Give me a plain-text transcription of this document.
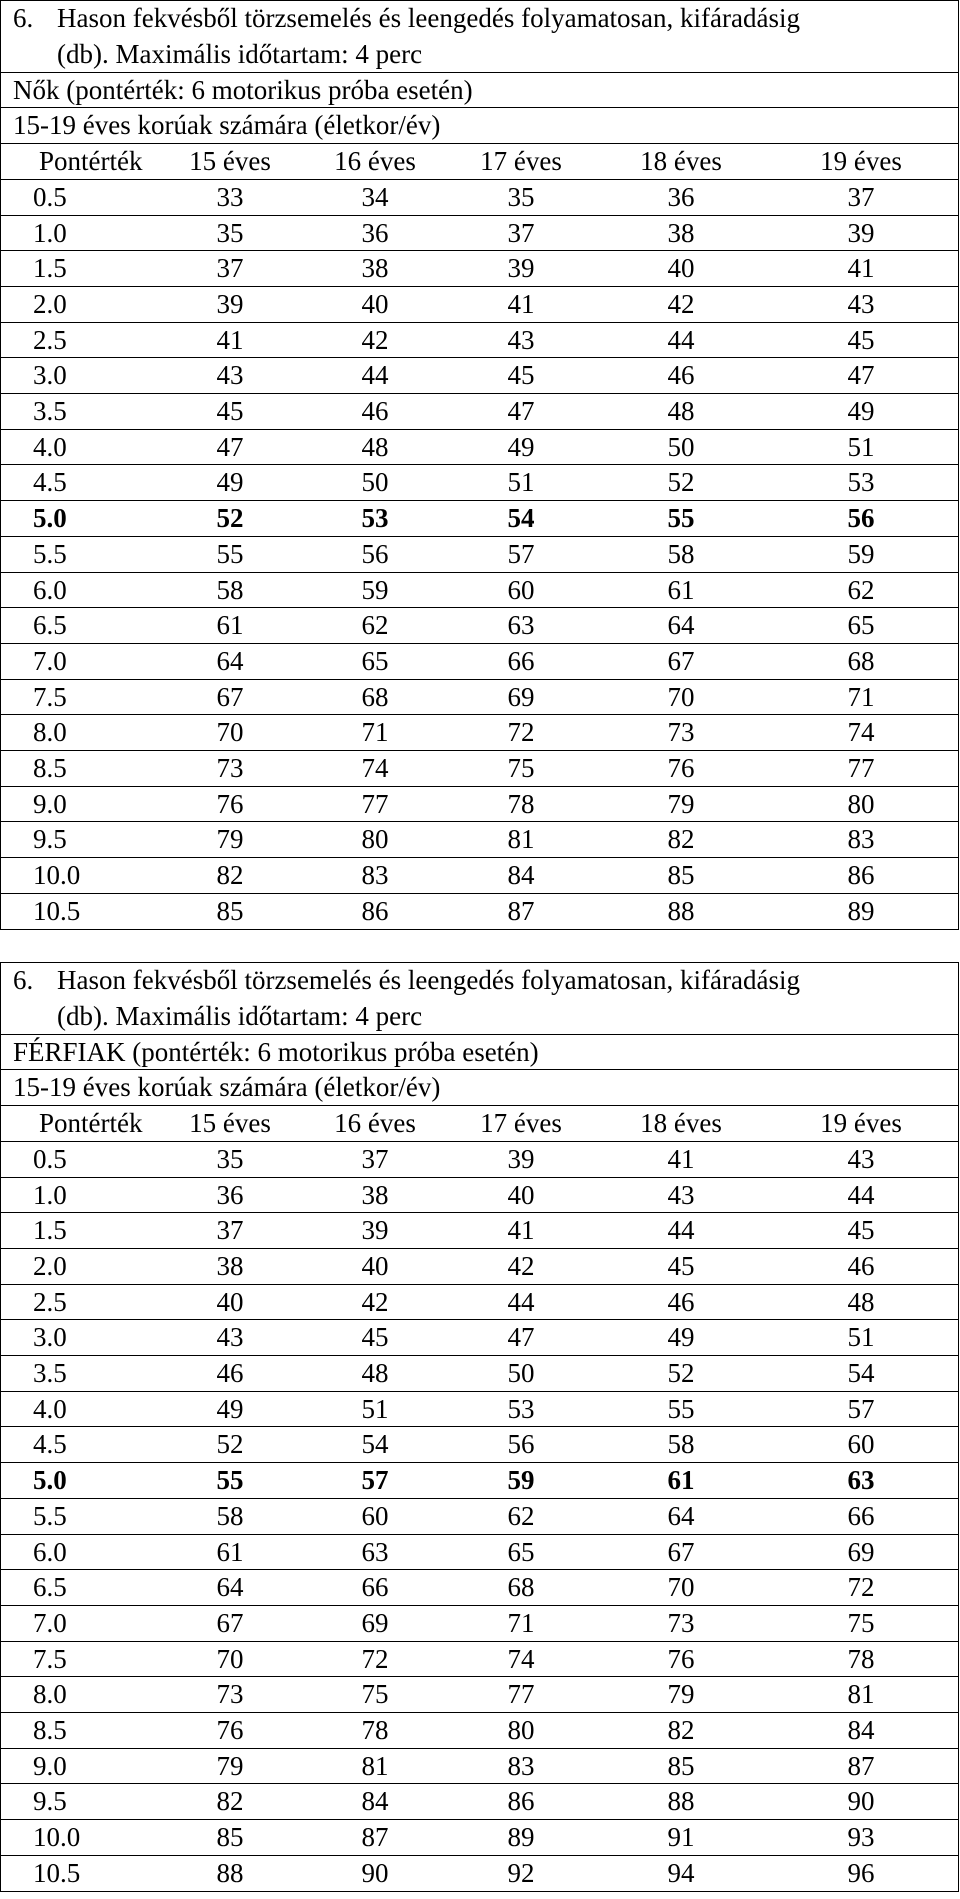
6. Hason fekvésből törzsemelés és leengedés folyamatosan, kifáradásig
(db). Maximális időtartam: 4 perc
Nők (pontérték: 6 motorikus próba esetén)
15-19 éves korúak számára (életkor/év)
Pontérték	15 éves	16 éves	17 éves	18 éves	19 éves
0.5	33	34	35	36	37
1.0	35	36	37	38	39
1.5	37	38	39	40	41
2.0	39	40	41	42	43
2.5	41	42	43	44	45
3.0	43	44	45	46	47
3.5	45	46	47	48	49
4.0	47	48	49	50	51
4.5	49	50	51	52	53
5.0	52	53	54	55	56
5.5	55	56	57	58	59
6.0	58	59	60	61	62
6.5	61	62	63	64	65
7.0	64	65	66	67	68
7.5	67	68	69	70	71
8.0	70	71	72	73	74
8.5	73	74	75	76	77
9.0	76	77	78	79	80
9.5	79	80	81	82	83
10.0	82	83	84	85	86
10.5	85	86	87	88	89
6. Hason fekvésből törzsemelés és leengedés folyamatosan, kifáradásig
(db). Maximális időtartam: 4 perc
FÉRFIAK (pontérték: 6 motorikus próba esetén)
15-19 éves korúak számára (életkor/év)
Pontérték	15 éves	16 éves	17 éves	18 éves	19 éves
0.5	35	37	39	41	43
1.0	36	38	40	43	44
1.5	37	39	41	44	45
2.0	38	40	42	45	46
2.5	40	42	44	46	48
3.0	43	45	47	49	51
3.5	46	48	50	52	54
4.0	49	51	53	55	57
4.5	52	54	56	58	60
5.0	55	57	59	61	63
5.5	58	60	62	64	66
6.0	61	63	65	67	69
6.5	64	66	68	70	72
7.0	67	69	71	73	75
7.5	70	72	74	76	78
8.0	73	75	77	79	81
8.5	76	78	80	82	84
9.0	79	81	83	85	87
9.5	82	84	86	88	90
10.0	85	87	89	91	93
10.5	88	90	92	94	96
